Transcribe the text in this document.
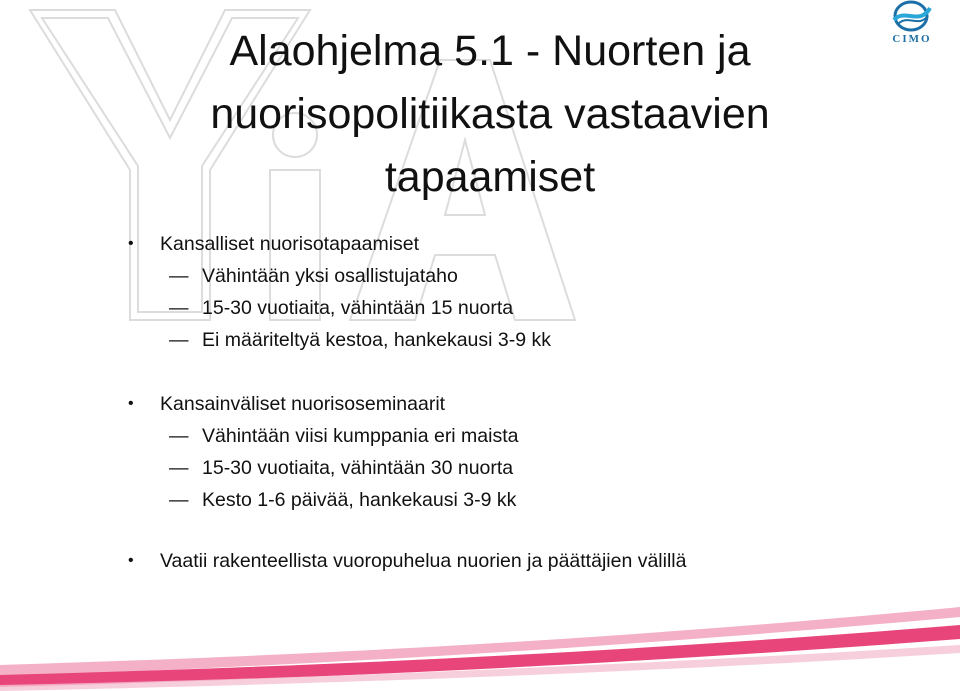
CIMO
Alaohjelma 5.1 - Nuorten ja
nuorisopolitiikasta vastaavien
tapaamiset
• Kansalliset nuorisotapaamiset
— Vähintään yksi osallistujataho
— 15-30 vuotiaita, vähintään 15 nuorta
— Ei määriteltyä kestoa, hankekausi 3-9 kk
• Kansainväliset nuorisoseminaarit
— Vähintään viisi kumppania eri maista
— 15-30 vuotiaita, vähintään 30 nuorta
— Kesto 1-6 päivää, hankekausi 3-9 kk
• Vaatii rakenteellista vuoropuhelua nuorien ja päättäjien välillä
